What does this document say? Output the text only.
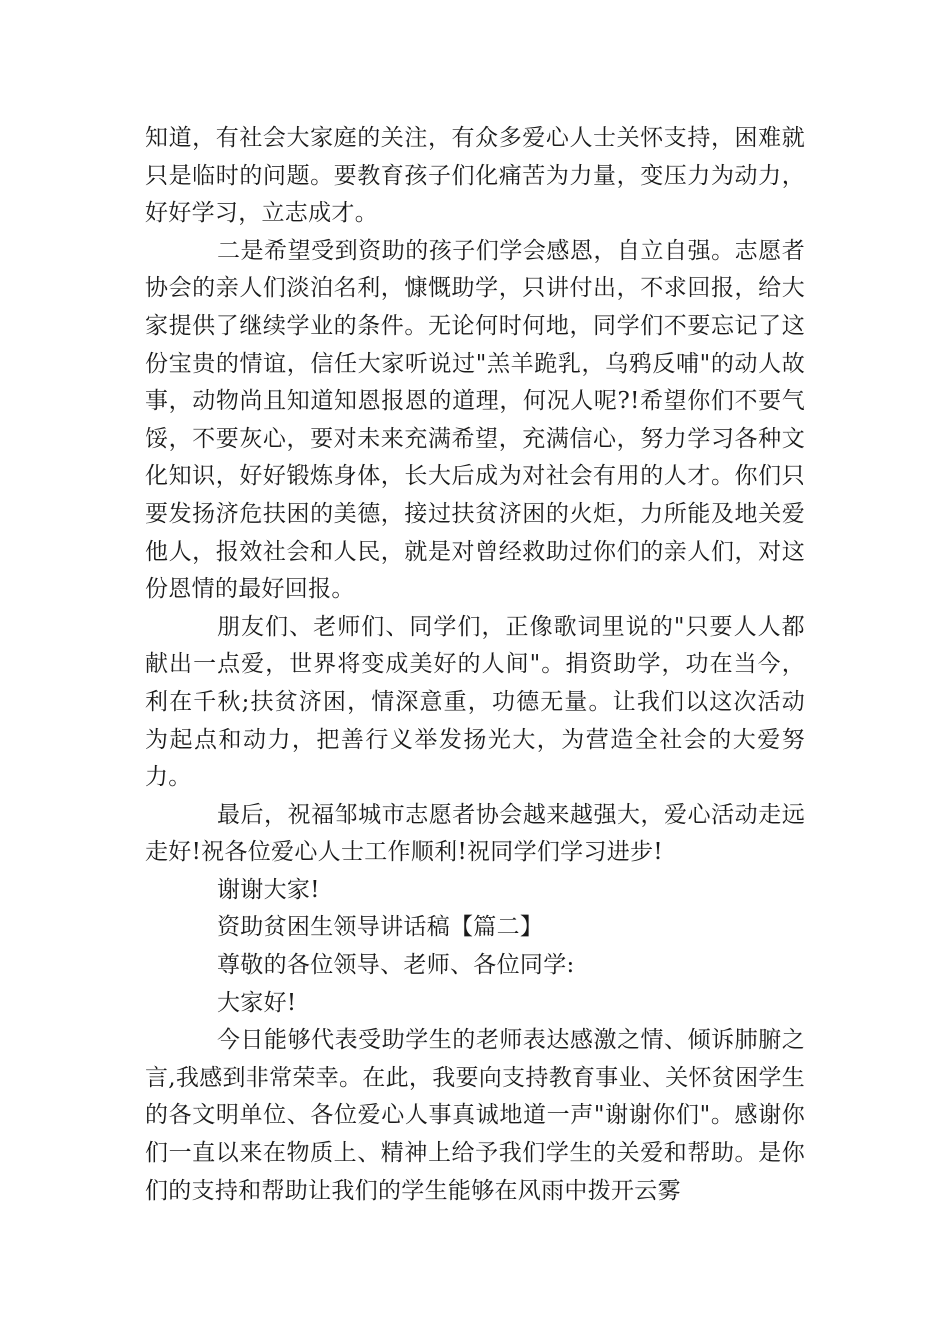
知道，有社会大家庭的关注，有众多爱心人士关怀支持，困难就只是临时的问题。要教育孩子们化痛苦为力量，变压力为动力，好好学习，立志成才。

二是希望受到资助的孩子们学会感恩，自立自强。志愿者协会的亲人们淡泊名利，慷慨助学，只讲付出，不求回报，给大家提供了继续学业的条件。无论何时何地，同学们不要忘记了这份宝贵的情谊，信任大家听说过"羔羊跪乳，乌鸦反哺"的动人故事，动物尚且知道知恩报恩的道理，何况人呢?!希望你们不要气馁，不要灰心，要对未来充满希望，充满信心，努力学习各种文化知识，好好锻炼身体，长大后成为对社会有用的人才。你们只要发扬济危扶困的美德，接过扶贫济困的火炬，力所能及地关爱他人，报效社会和人民，就是对曾经救助过你们的亲人们，对这份恩情的最好回报。

朋友们、老师们、同学们，正像歌词里说的"只要人人都献出一点爱，世界将变成美好的人间"。捐资助学，功在当今，利在千秋;扶贫济困，情深意重，功德无量。让我们以这次活动为起点和动力，把善行义举发扬光大，为营造全社会的大爱努力。

最后，祝福邹城市志愿者协会越来越强大，爱心活动走远走好!祝各位爱心人士工作顺利!祝同学们学习进步!

谢谢大家!

资助贫困生领导讲话稿【篇二】

尊敬的各位领导、老师、各位同学:

大家好!

今日能够代表受助学生的老师表达感激之情、倾诉肺腑之言,我感到非常荣幸。在此，我要向支持教育事业、关怀贫困学生的各文明单位、各位爱心人事真诚地道一声"谢谢你们"。感谢你们一直以来在物质上、精神上给予我们学生的关爱和帮助。是你们的支持和帮助让我们的学生能够在风雨中拨开云雾
